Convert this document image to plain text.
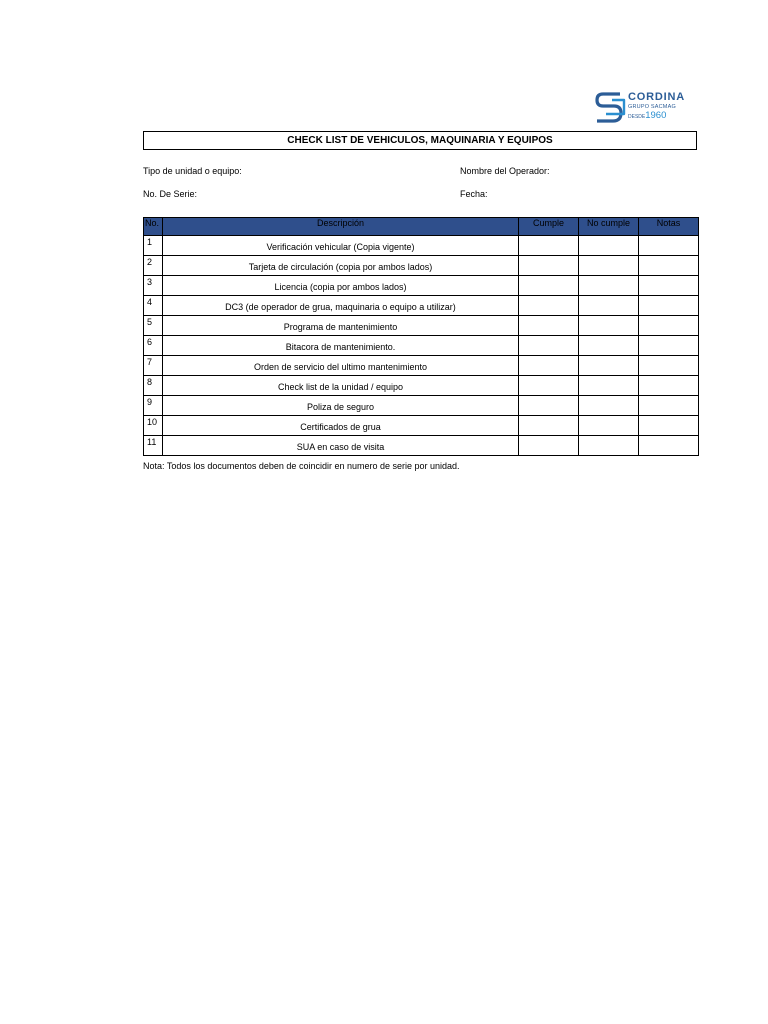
CORDINA
GRUPO SACMAG
DESDE1960
CHECK LIST DE VEHICULOS, MAQUINARIA Y EQUIPOS
Tipo de unidad o equipo:	Nombre del Operador:
No. De Serie:	Fecha:
No.	Descripción	Cumple	No cumple	Notas
1	Verificación vehicular (Copia vigente)			
2	Tarjeta de circulación (copia por ambos lados)			
3	Licencia (copia por ambos lados)			
4	DC3 (de operador de grua, maquinaria o equipo a utilizar)			
5	Programa de mantenimiento			
6	Bitacora de mantenimiento.			
7	Orden de servicio del ultimo mantenimiento			
8	Check list de la unidad / equipo			
9	Poliza de seguro			
10	Certificados de grua			
11	SUA en caso de visita			
Nota: Todos los documentos deben de coincidir en numero de serie por unidad.
